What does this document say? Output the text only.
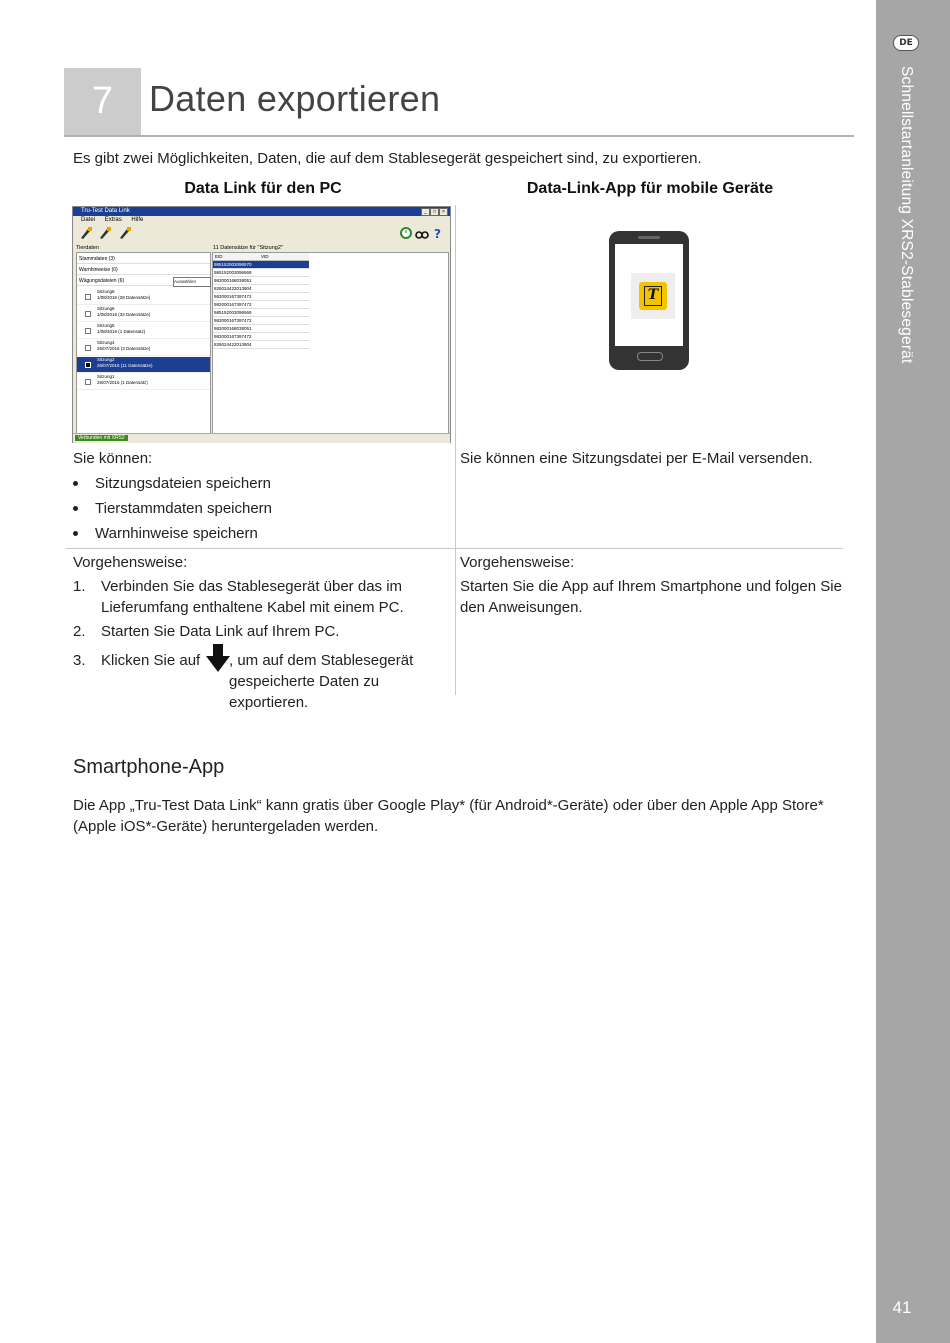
DE
Schnellstartanleitung XRS2-Stablesegerät
41
7 Daten exportieren
Es gibt zwei Möglichkeiten, Daten, die auf dem Stablesegerät gespeichert sind, zu exportieren.
Data Link für den PC	Data-Link-App für mobile Geräte
Tru-Test Data Link	_	□	×
Datei Extras Hilfe
?
Tierdaten	11 Datensätze für "Sitzung2"
Stammdaten (3)
Warnhinweise (0)
Wägungsdateien (6)	Auswählen
Sitzung6
1/08/2016 (28 Datensätze)
Sitzung6
1/08/2016 (32 Datensätze)
Sitzung5
1/08/2016 (1 Datensatz)
Sitzung4
26/07/2016 (3 Datensätze)
Sitzung2
26/07/2016 (11 Datensätze)
Sitzung1
26/07/2016 (1 Datensatz)
EID	VID
985152003096570
985152003096569
982000168038051
826024422013904
982000167397472
982000167397472
985152003096569
982000167397472
982000168038051
982000167397472
826024422013904
Verbunden mit XRS2
T
Sie können:
Sitzungsdateien speichern
Tierstammdaten speichern
Warnhinweise speichern
Vorgehensweise:
1.	Verbinden Sie das Stablesegerät über das im Lieferumfang enthaltene Kabel mit einem PC.
2.	Starten Sie Data Link auf Ihrem PC.
3.	Klicken Sie auf , um auf dem Stablesegerät gespeicherte Daten zu exportieren.
Sie können eine Sitzungsdatei per E-Mail versenden.
Vorgehensweise:
Starten Sie die App auf Ihrem Smartphone und folgen Sie den Anweisungen.
Smartphone-App
Die App „Tru-Test Data Link“ kann gratis über Google Play* (für Android*-Geräte) oder über den Apple App Store* (Apple iOS*-Geräte) heruntergeladen werden.
